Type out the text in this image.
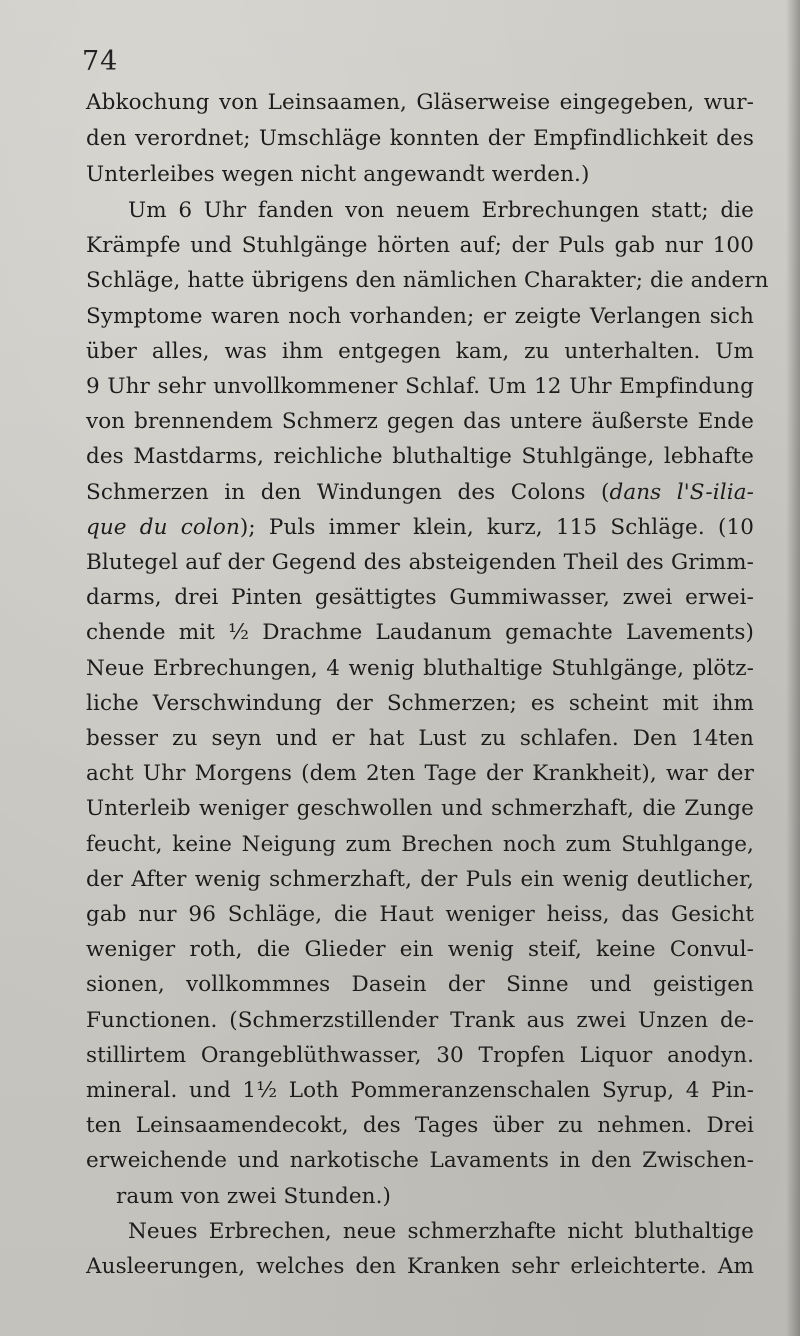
74
Abkochung von Leinsaamen, Gläserweise eingegeben, wur-
den verordnet; Umschläge konnten der Empfindlichkeit des
Unterleibes wegen nicht angewandt werden.)
Um 6 Uhr fanden von neuem Erbrechungen statt; die
Krämpfe und Stuhlgänge hörten auf; der Puls gab nur 100
Schläge, hatte übrigens den nämlichen Charakter; die andern
Symptome waren noch vorhanden; er zeigte Verlangen sich
über alles, was ihm entgegen kam, zu unterhalten. Um
9 Uhr sehr unvollkommener Schlaf. Um 12 Uhr Empfindung
von brennendem Schmerz gegen das untere äußerste Ende
des Mastdarms, reichliche bluthaltige Stuhlgänge, lebhafte
Schmerzen in den Windungen des Colons (dans l'S-ilia-
que du colon); Puls immer klein, kurz, 115 Schläge. (10
Blutegel auf der Gegend des absteigenden Theil des Grimm-
darms, drei Pinten gesättigtes Gummiwasser, zwei erwei-
chende mit ½ Drachme Laudanum gemachte Lavements)
Neue Erbrechungen, 4 wenig bluthaltige Stuhlgänge, plötz-
liche Verschwindung der Schmerzen; es scheint mit ihm
besser zu seyn und er hat Lust zu schlafen. Den 14ten
acht Uhr Morgens (dem 2ten Tage der Krankheit), war der
Unterleib weniger geschwollen und schmerzhaft, die Zunge
feucht, keine Neigung zum Brechen noch zum Stuhlgange,
der After wenig schmerzhaft, der Puls ein wenig deutlicher,
gab nur 96 Schläge, die Haut weniger heiss, das Gesicht
weniger roth, die Glieder ein wenig steif, keine Convul-
sionen, vollkommnes Dasein der Sinne und geistigen
Functionen. (Schmerzstillender Trank aus zwei Unzen de-
stillirtem Orangeblüthwasser, 30 Tropfen Liquor anodyn.
mineral. und 1½ Loth Pommeranzenschalen Syrup, 4 Pin-
ten Leinsaamendecokt, des Tages über zu nehmen. Drei
erweichende und narkotische Lavaments in den Zwischen-
raum von zwei Stunden.)
Neues Erbrechen, neue schmerzhafte nicht bluthaltige
Ausleerungen, welches den Kranken sehr erleichterte. Am
